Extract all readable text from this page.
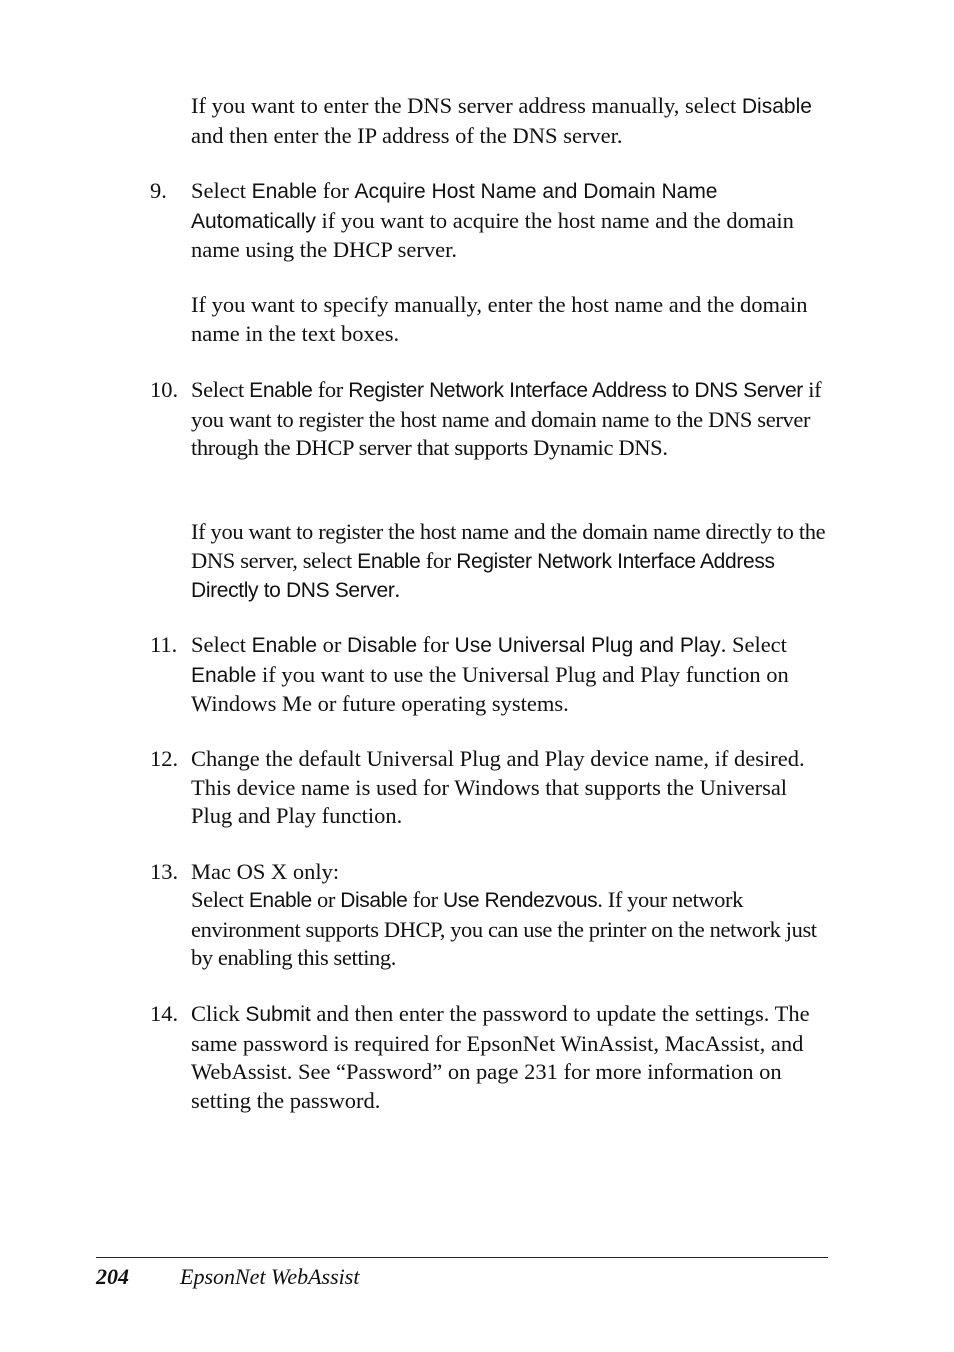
If you want to enter the DNS server address manually, select Disable and then enter the IP address of the DNS server.
9. Select Enable for Acquire Host Name and Domain Name Automatically if you want to acquire the host name and the domain name using the DHCP server.
If you want to specify manually, enter the host name and the domain name in the text boxes.
10. Select Enable for Register Network Interface Address to DNS Server if you want to register the host name and domain name to the DNS server through the DHCP server that supports Dynamic DNS.
If you want to register the host name and the domain name directly to the DNS server, select Enable for Register Network Interface Address Directly to DNS Server.
11. Select Enable or Disable for Use Universal Plug and Play. Select Enable if you want to use the Universal Plug and Play function on Windows Me or future operating systems.
12. Change the default Universal Plug and Play device name, if desired. This device name is used for Windows that supports the Universal Plug and Play function.
13. Mac OS X only:
Select Enable or Disable for Use Rendezvous. If your network environment supports DHCP, you can use the printer on the network just by enabling this setting.
14. Click Submit and then enter the password to update the settings. The same password is required for EpsonNet WinAssist, MacAssist, and WebAssist. See “Password” on page 231 for more information on setting the password.
204 EpsonNet WebAssist
